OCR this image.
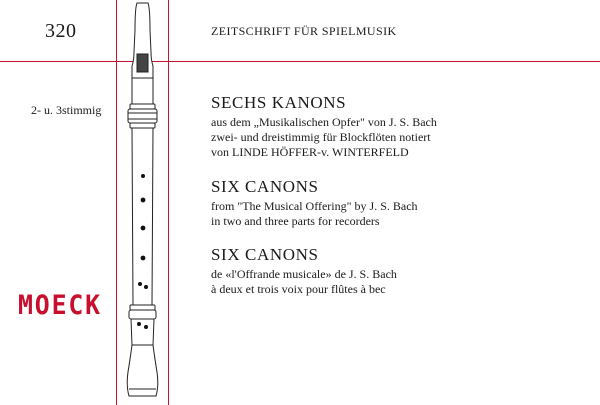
320	ZEITSCHRIFT FÜR SPIELMUSIK
2- u. 3stimmig
MOECK
SECHS KANONS
aus dem „Musikalischen Opfer" von J. S. Bach
zwei- und dreistimmig für Blockflöten notiert
von LINDE HÖFFER-v. WINTERFELD
SIX CANONS
from "The Musical Offering" by J. S. Bach
in two and three parts for recorders
SIX CANONS
de «l'Offrande musicale» de J. S. Bach
à deux et trois voix pour flûtes à bec
